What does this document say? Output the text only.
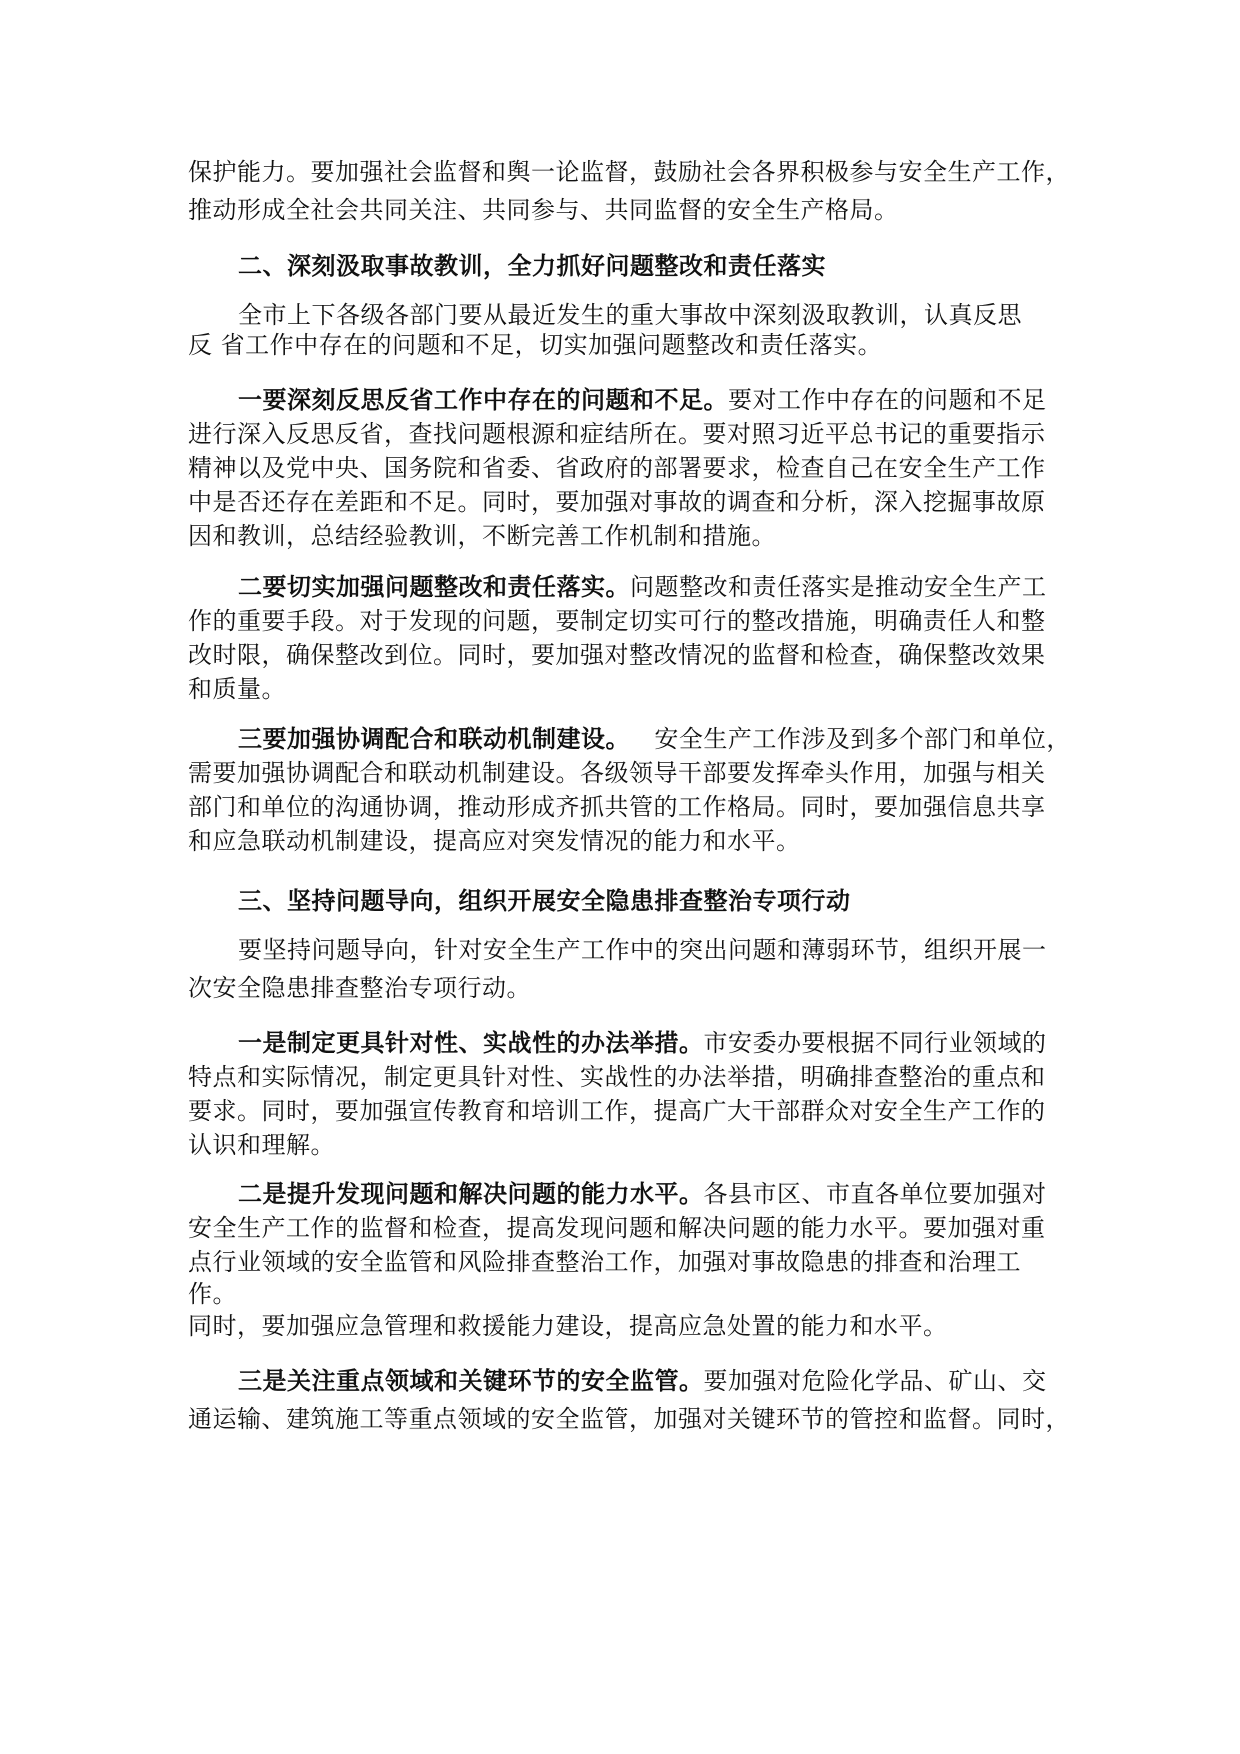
保护能力。要加强社会监督和舆一论监督，鼓励社会各界积极参与安全生产工作，
推动形成全社会共同关注、共同参与、共同监督的安全生产格局。
二、深刻汲取事故教训，全力抓好问题整改和责任落实
全市上下各级各部门要从最近发生的重大事故中深刻汲取教训，认真反思
反 省工作中存在的问题和不足，切实加强问题整改和责任落实。
一要深刻反思反省工作中存在的问题和不足。要对工作中存在的问题和不足
进行深入反思反省，查找问题根源和症结所在。要对照习近平总书记的重要指示
精神以及党中央、国务院和省委、省政府的部署要求，检查自己在安全生产工作
中是否还存在差距和不足。同时，要加强对事故的调查和分析，深入挖掘事故原
因和教训，总结经验教训，不断完善工作机制和措施。
二要切实加强问题整改和责任落实。问题整改和责任落实是推动安全生产工
作的重要手段。对于发现的问题，要制定切实可行的整改措施，明确责任人和整
改时限，确保整改到位。同时，要加强对整改情况的监督和检查，确保整改效果
和质量。
三要加强协调配合和联动机制建设。   安全生产工作涉及到多个部门和单位，
需要加强协调配合和联动机制建设。各级领导干部要发挥牵头作用，加强与相关
部门和单位的沟通协调，推动形成齐抓共管的工作格局。同时，要加强信息共享
和应急联动机制建设，提高应对突发情况的能力和水平。
三、坚持问题导向，组织开展安全隐患排查整治专项行动
要坚持问题导向，针对安全生产工作中的突出问题和薄弱环节，组织开展一
次安全隐患排查整治专项行动。
一是制定更具针对性、实战性的办法举措。市安委办要根据不同行业领域的
特点和实际情况，制定更具针对性、实战性的办法举措，明确排查整治的重点和
要求。同时，要加强宣传教育和培训工作，提高广大干部群众对安全生产工作的
认识和理解。
二是提升发现问题和解决问题的能力水平。各县市区、市直各单位要加强对
安全生产工作的监督和检查，提高发现问题和解决问题的能力水平。要加强对重
点行业领域的安全监管和风险排查整治工作，加强对事故隐患的排查和治理工
作。
同时，要加强应急管理和救援能力建设，提高应急处置的能力和水平。
三是关注重点领域和关键环节的安全监管。要加强对危险化学品、矿山、交
通运输、建筑施工等重点领域的安全监管，加强对关键环节的管控和监督。同时，
